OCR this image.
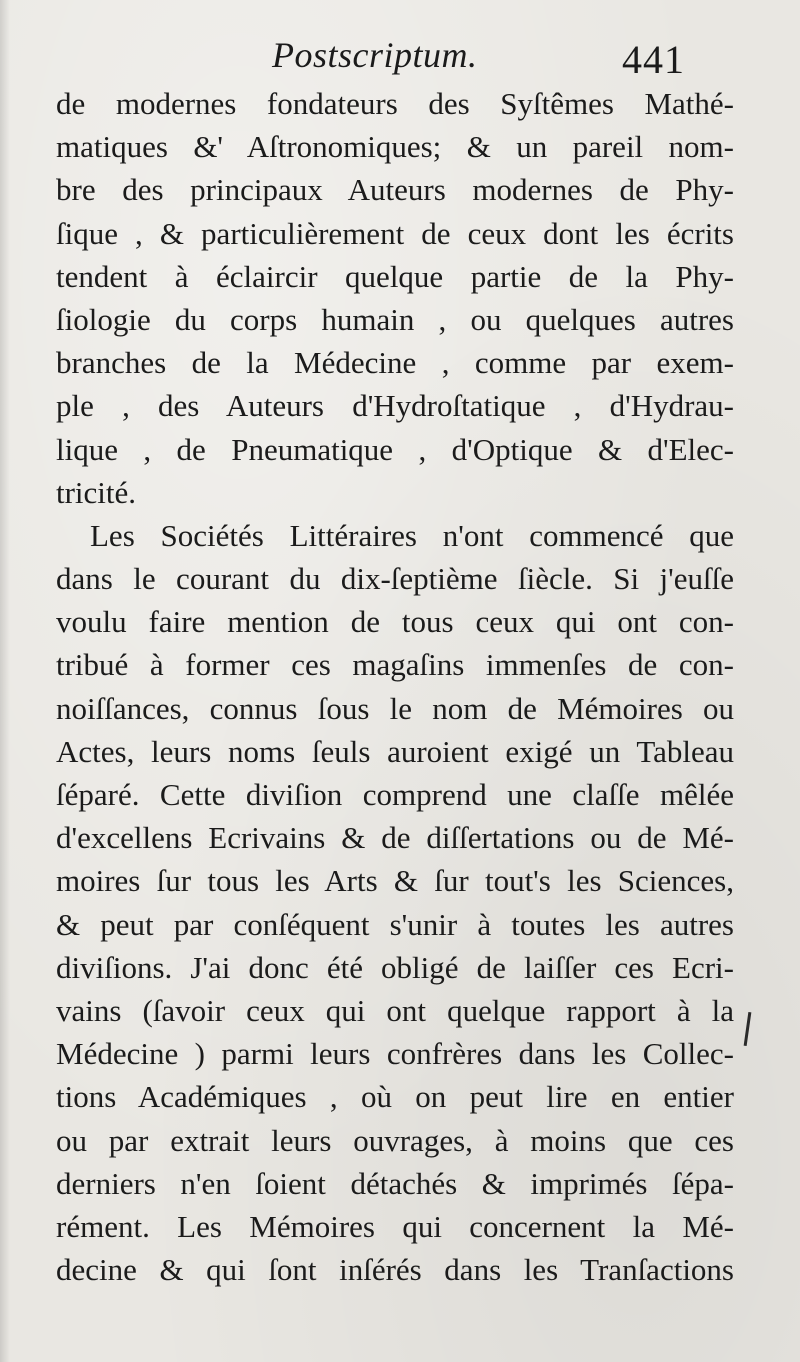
Postscriptum.	441
de modernes fondateurs des Syſtêmes Mathé-
matiques &' Aſtronomiques; & un pareil nom-
bre des principaux Auteurs modernes de Phy-
ſique , & particulièrement de ceux dont les écrits
tendent à éclaircir quelque partie de la Phy-
ſiologie du corps humain , ou quelques autres
branches de la Médecine , comme par exem-
ple , des Auteurs d'Hydroſtatique , d'Hydrau-
lique , de Pneumatique , d'Optique & d'Elec-
tricité.
Les Sociétés Littéraires n'ont commencé que
dans le courant du dix-ſeptième ſiècle. Si j'euſſe
voulu faire mention de tous ceux qui ont con-
tribué à former ces magaſins immenſes de con-
noiſſances, connus ſous le nom de Mémoires ou
Actes, leurs noms ſeuls auroient exigé un Tableau
ſéparé. Cette diviſion comprend une claſſe mêlée
d'excellens Ecrivains & de diſſertations ou de Mé-
moires ſur tous les Arts & ſur tout's les Sciences,
& peut par conſéquent s'unir à toutes les autres
diviſions. J'ai donc été obligé de laiſſer ces Ecri-
vains (ſavoir ceux qui ont quelque rapport à la
Médecine ) parmi leurs confrères dans les Collec-
tions Académiques , où on peut lire en entier
ou par extrait leurs ouvrages, à moins que ces
derniers n'en ſoient détachés & imprimés ſépa-
rément. Les Mémoires qui concernent la Mé-
decine & qui ſont inſérés dans les Tranſactions
